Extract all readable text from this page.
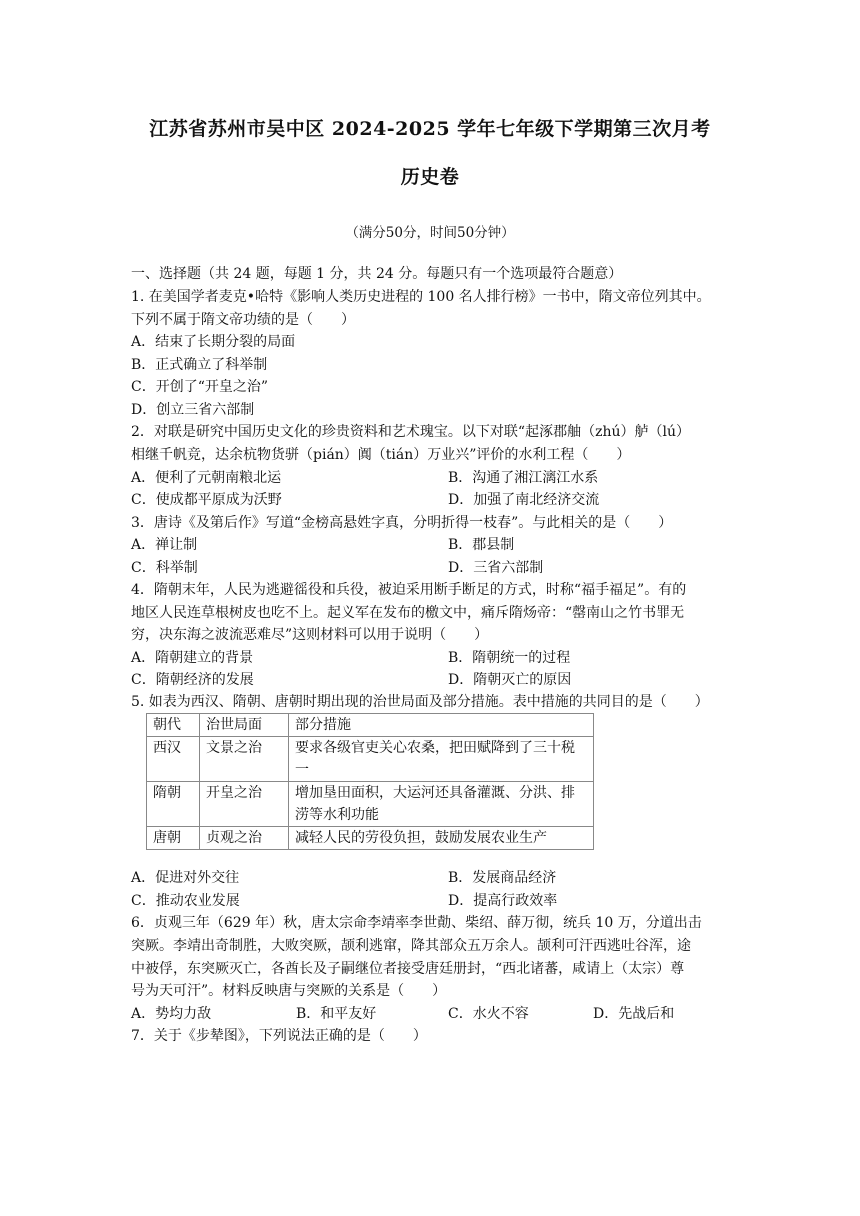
江苏省苏州市吴中区 2024-2025 学年七年级下学期第三次月考
历史卷
（满分50分，时间50分钟）
一、选择题（共 24 题，每题 1 分，共 24 分。每题只有一个选项最符合题意）
1. 在美国学者麦克•哈特《影响人类历史进程的 100 名人排行榜》一书中，隋文帝位列其中。
下列不属于隋文帝功绩的是（　　）
A．结束了长期分裂的局面
B．正式确立了科举制
C．开创了“开皇之治”
D．创立三省六部制
2．对联是研究中国历史文化的珍贵资料和艺术瑰宝。以下对联“起涿郡舳（zhú）舻（lú）
相继千帆竞，达余杭物货骈（pián）阗（tián）万业兴”评价的水利工程（　　）
A．便利了元朝南粮北运	B．沟通了湘江漓江水系
C．使成都平原成为沃野	D．加强了南北经济交流
3．唐诗《及第后作》写道“金榜高悬姓字真，分明折得一枝春”。与此相关的是（　　）
A．禅让制	B．郡县制
C．科举制	D．三省六部制
4．隋朝末年，人民为逃避徭役和兵役，被迫采用断手断足的方式，时称“福手福足”。有的
地区人民连草根树皮也吃不上。起义军在发布的檄文中，痛斥隋炀帝：“罄南山之竹书罪无
穷，决东海之波流恶难尽”这则材料可以用于说明（　　）
A．隋朝建立的背景	B．隋朝统一的过程
C．隋朝经济的发展	D．隋朝灭亡的原因
5. 如表为西汉、隋朝、唐朝时期出现的治世局面及部分措施。表中措施的共同目的是（　　）
朝代	治世局面	部分措施
西汉	文景之治	要求各级官吏关心农桑，把田赋降到了三十税一
隋朝	开皇之治	增加垦田面积，大运河还具备灌溉、分洪、排涝等水利功能
唐朝	贞观之治	减轻人民的劳役负担，鼓励发展农业生产
A．促进对外交往	B．发展商品经济
C．推动农业发展	D．提高行政效率
6．贞观三年（629 年）秋，唐太宗命李靖率李世勣、柴绍、薛万彻，统兵 10 万，分道出击
突厥。李靖出奇制胜，大败突厥，颉利逃窜，降其部众五万余人。颉利可汗西逃吐谷浑，途
中被俘，东突厥灭亡，各酋长及子嗣继位者接受唐廷册封，“西北诸蕃，咸请上（太宗）尊
号为天可汗”。材料反映唐与突厥的关系是（　　）
A．势均力敌	B．和平友好	C．水火不容	D．先战后和
7．关于《步辇图》，下列说法正确的是（　　）
